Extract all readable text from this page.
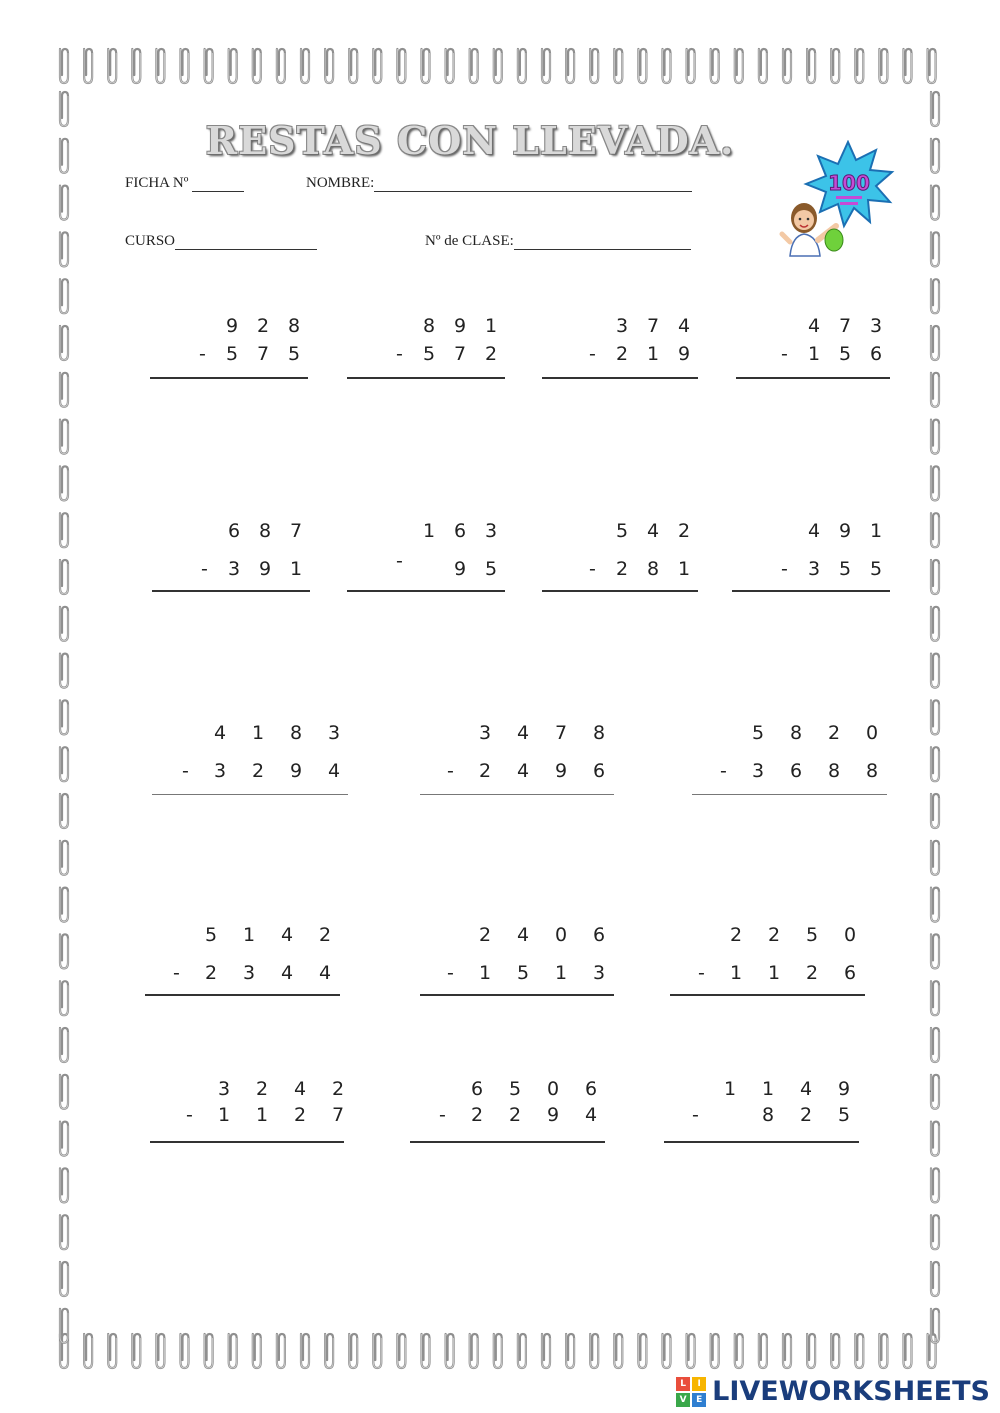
RESTAS CON LLEVADA.
FICHA Nº	NOMBRE:
CURSO	Nº de CLASE:
100
9 2 8
5 7 5
-
8 9 1
5 7 2
-
3 7 4
2 1 9
-
4 7 3
1 5 6
-
6 8 7
3 9 1
-
1 6 3
9 5
-
5 4 2
2 8 1
-
4 9 1
3 5 5
-
4 1 8 3
3 2 9 4
-
3 4 7 8
2 4 9 6
-
5 8 2 0
3 6 8 8
-
5 1 4 2
2 3 4 4
-
2 4 0 6
1 5 1 3
-
2 2 5 0
1 1 2 6
-
3 2 4 2
1 1 2 7
-
6 5 0 6
2 2 9 4
-
1 1 4 9
8 2 5
-
L	I
V	E LIVEWORKSHEETS
